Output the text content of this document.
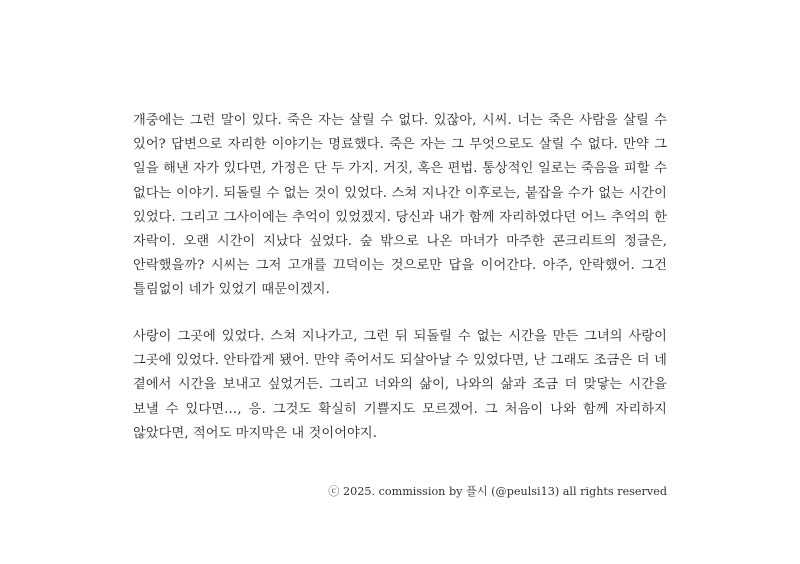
개중에는 그런 말이 있다. 죽은 자는 살릴 수 없다. 있잖아, 시씨. 너는 죽은 사람을 살릴 수 있어? 답변으로 자리한 이야기는 명료했다. 죽은 자는 그 무엇으로도 살릴 수 없다. 만약 그 일을 해낸 자가 있다면, 가정은 단 두 가지. 거짓, 혹은 편법. 통상적인 일로는 죽음을 피할 수 없다는 이야기. 되돌릴 수 없는 것이 있었다. 스쳐 지나간 이후로는, 붙잡을 수가 없는 시간이 있었다. 그리고 그사이에는 추억이 있었겠지. 당신과 내가 함께 자리하였다던 어느 추억의 한 자락이. 오랜 시간이 지났다 싶었다. 숲 밖으로 나온 마녀가 마주한 콘크리트의 정글은, 안락했을까? 시씨는 그저 고개를 끄덕이는 것으로만 답을 이어간다. 아주, 안락했어. 그건 틀림없이 네가 있었기 때문이겠지.

사랑이 그곳에 있었다. 스쳐 지나가고, 그런 뒤 되돌릴 수 없는 시간을 만든 그녀의 사랑이 그곳에 있었다. 안타깝게 됐어. 만약 죽어서도 되살아날 수 있었다면, 난 그래도 조금은 더 네 곁에서 시간을 보내고 싶었거든. 그리고 너와의 삶이, 나와의 삶과 조금 더 맞닿는 시간을 보낼 수 있다면…, 응. 그것도 확실히 기쁠지도 모르겠어. 그 처음이 나와 함께 자리하지 않았다면, 적어도 마지막은 내 것이어야지.

ⓒ 2025. commission by 플시 (@peulsi13) all rights reserved
